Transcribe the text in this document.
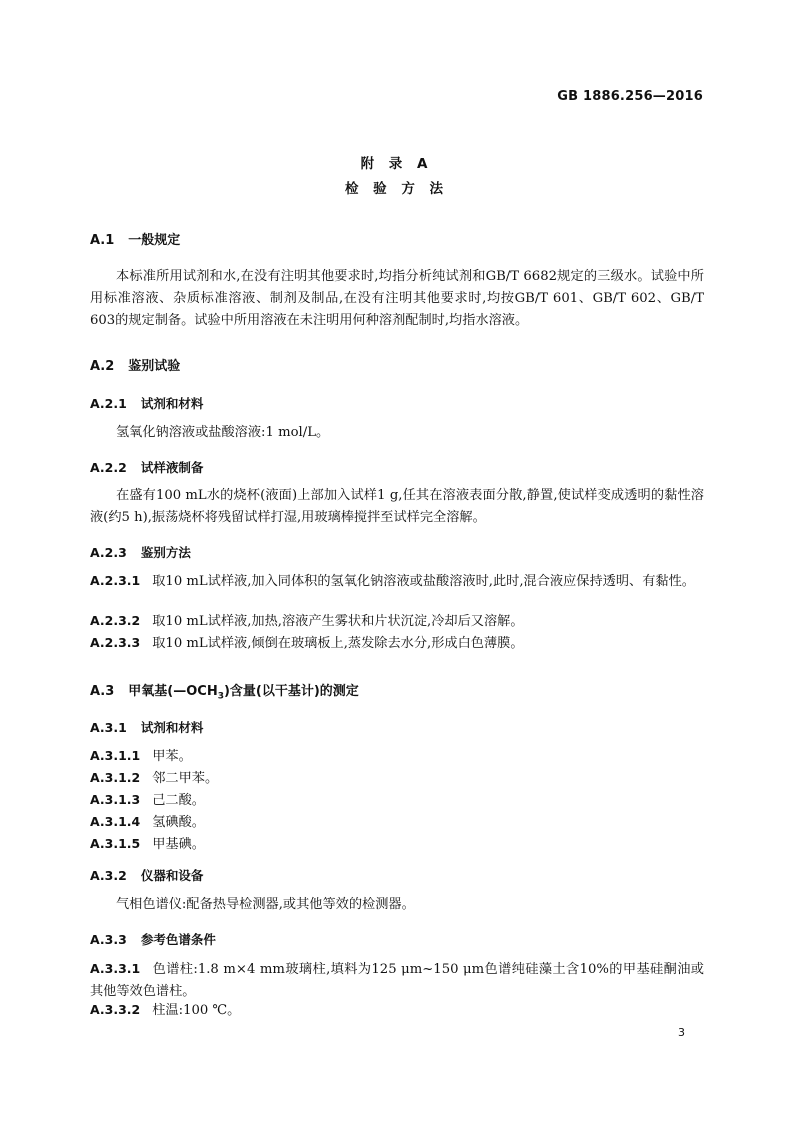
GB 1886.256—2016
附 录 A
检 验 方 法
A.1 一般规定
本标准所用试剂和水,在没有注明其他要求时,均指分析纯试剂和GB/T 6682规定的三级水。试验中所用标准溶液、杂质标准溶液、制剂及制品,在没有注明其他要求时,均按GB/T 601、GB/T 602、GB/T 603的规定制备。试验中所用溶液在未注明用何种溶剂配制时,均指水溶液。
A.2 鉴别试验
A.2.1 试剂和材料
氢氧化钠溶液或盐酸溶液:1 mol/L。
A.2.2 试样液制备
在盛有100 mL水的烧杯(液面)上部加入试样1 g,任其在溶液表面分散,静置,使试样变成透明的黏性溶液(约5 h),振荡烧杯将残留试样打湿,用玻璃棒搅拌至试样完全溶解。
A.2.3 鉴别方法
A.2.3.1 取10 mL试样液,加入同体积的氢氧化钠溶液或盐酸溶液时,此时,混合液应保持透明、有黏性。
A.2.3.2 取10 mL试样液,加热,溶液产生雾状和片状沉淀,冷却后又溶解。
A.2.3.3 取10 mL试样液,倾倒在玻璃板上,蒸发除去水分,形成白色薄膜。
A.3 甲氧基$(—OCH_3)$含量(以干基计)的测定
A.3.1 试剂和材料
A.3.1.1 甲苯。
A.3.1.2 邻二甲苯。
A.3.1.3 己二酸。
A.3.1.4 氢碘酸。
A.3.1.5 甲基碘。
A.3.2 仪器和设备
气相色谱仪:配备热导检测器,或其他等效的检测器。
A.3.3 参考色谱条件
A.3.3.1 色谱柱:1.8 m×4 mm玻璃柱,填料为125 μm~150 μm色谱纯硅藻土含10%的甲基硅酮油或其他等效色谱柱。
A.3.3.2 柱温:100 ℃。
3
